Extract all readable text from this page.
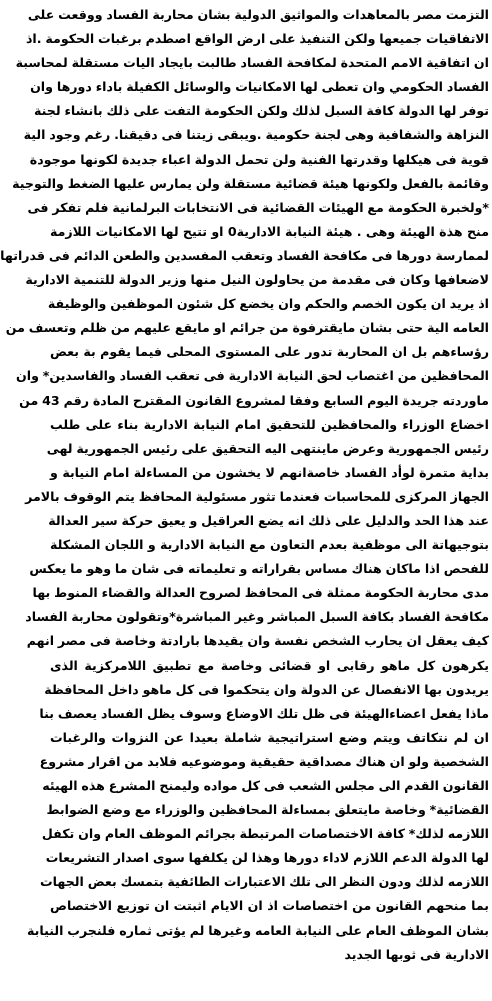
التزمت مصر بالمعاهدات والمواثيق الدولية بشان محاربة الفساد ووقعت على
الاتفاقيات جميعها ولكن التنفيذ على ارض الواقع اصطدم برغبات الحكومة .اذ
ان اتفاقية الامم المتحدة لمكافحة الفساد طالبت بايجاد اليات مستقلة لمحاسبة
الفساد الحكومي وان تعطى لها الامكانيات والوسائل الكفيلة باداء دورها وان
توفر لها الدولة كافة السبل لذلك ولكن الحكومة التفت على ذلك بانشاء لجنة
النزاهة والشفافية وهى لجنة حكومية .ويبقى زيتنا فى دقيقنا. رغم وجود الية
قوية فى هيكلها وقدرتها الفنية ولن تحمل الدولة اعباء جديدة لكونها موجودة
وقائمة بالفعل ولكونها هيئة قضائية مستقلة ولن يمارس عليها الضغط والتوجية
*ولخبرة الحكومة مع الهيئات القضائية فى الانتخابات البرلمانية فلم تفكر فى
منح هذة الهيئة وهى . هيئة النيابة الادارية0 او تتيح لها الامكانيات اللازمة
لممارسة دورها فى مكافحة الفساد وتعقب المفسدين والطعن الدائم فى قدراتها
لاضعافها وكان فى مقدمة من يحاولون النيل منها وزير الدولة للتنمية الادارية
اذ يريد ان يكون الخصم والحكم وان يخضع كل شئون الموظفين والوظيفة
العامه الية حتى بشان مايقترفوة من جرائم او مايقع عليهم من ظلم وتعسف من
رؤساءهم بل ان المحاربة تدور على المستوى المحلى فيما يقوم بة بعض
المحافظين من اغتصاب لحق النيابة الادارية فى تعقب الفساد والفاسدين* وان
ماوردته جريدة اليوم السابع وفقا لمشروع القانون المقترح المادة رقم 43 من
اخضاع الوزراء والمحافظين للتحقيق امام النيابة الادارية بناء على طلب
رئيس الجمهورية وعرض ماينتهى اليه التحقيق على رئيس الجمهورية لهى
بداية متمرة لوأد الفساد خاصةانهم لا يخشون من المساءلة امام النيابة و
الجهاز المركزى للمحاسبات فعندما تثور مسئولية المحافظ يتم الوقوف بالامر
عند هذا الحد والدليل على ذلك انه يضع العراقيل و يعيق حركة سير العدالة
بتوجيهاتة الى موظفية بعدم التعاون مع النيابة الادارية و اللجان المشكلة
للفحص اذا ماكان هناك مساس بقراراته و تعليماته فى شان ما وهو ما يعكس
مدى محاربة الحكومة ممثلة فى المحافظ لصروح العدالة والقضاء المنوط بها
مكافحة الفساد بكافة السبل المباشر وغير المباشرة*وتقولون محاربة الفساد
كيف يعقل ان يحارب الشخص نفسة وان يقيدها بارادتة وخاصة فى مصر انهم
يكرهون كل ماهو رقابى او قضائى وخاصة مع تطبيق اللامركزية الذى
يريدون بها الانفصال عن الدولة وان يتحكموا فى كل ماهو داخل المحافظة
ماذا يفعل اعضاءالهيئة فى ظل تلك الاوضاع وسوف يظل الفساد يعصف بنا
ان لم نتكاتف ويتم وضع استراتيجية شاملة بعيدا عن النزوات والرغبات
الشخصية ولو ان هناك مصداقية حقيقية وموضوعيه فلابد من اقرار مشروع
القانون القدم الى مجلس الشعب فى كل مواده وليمنح المشرع هذه الهيئه
القضائية* وخاصة مايتعلق بمساءلة المحافظين والوزراء مع وضع الضوابط
اللازمه لذلك* كافة الاختصاصات المرتبطة بجرائم الموظف العام وان تكفل
لها الدولة الدعم اللازم لاداء دورها وهذا لن يكلفها سوى اصدار التشريعات
اللازمه لذلك ودون النظر الى تلك الاعتبارات الطائفية بتمسك بعض الجهات
بما منحهم القانون من اختصاصات اذ ان الايام اثبتت ان توزيع الاختصاص
بشان الموظف العام على النيابة العامه وغيرها لم يؤتى ثماره فلنجرب النيابة
الادارية فى ثوبها الجديد
